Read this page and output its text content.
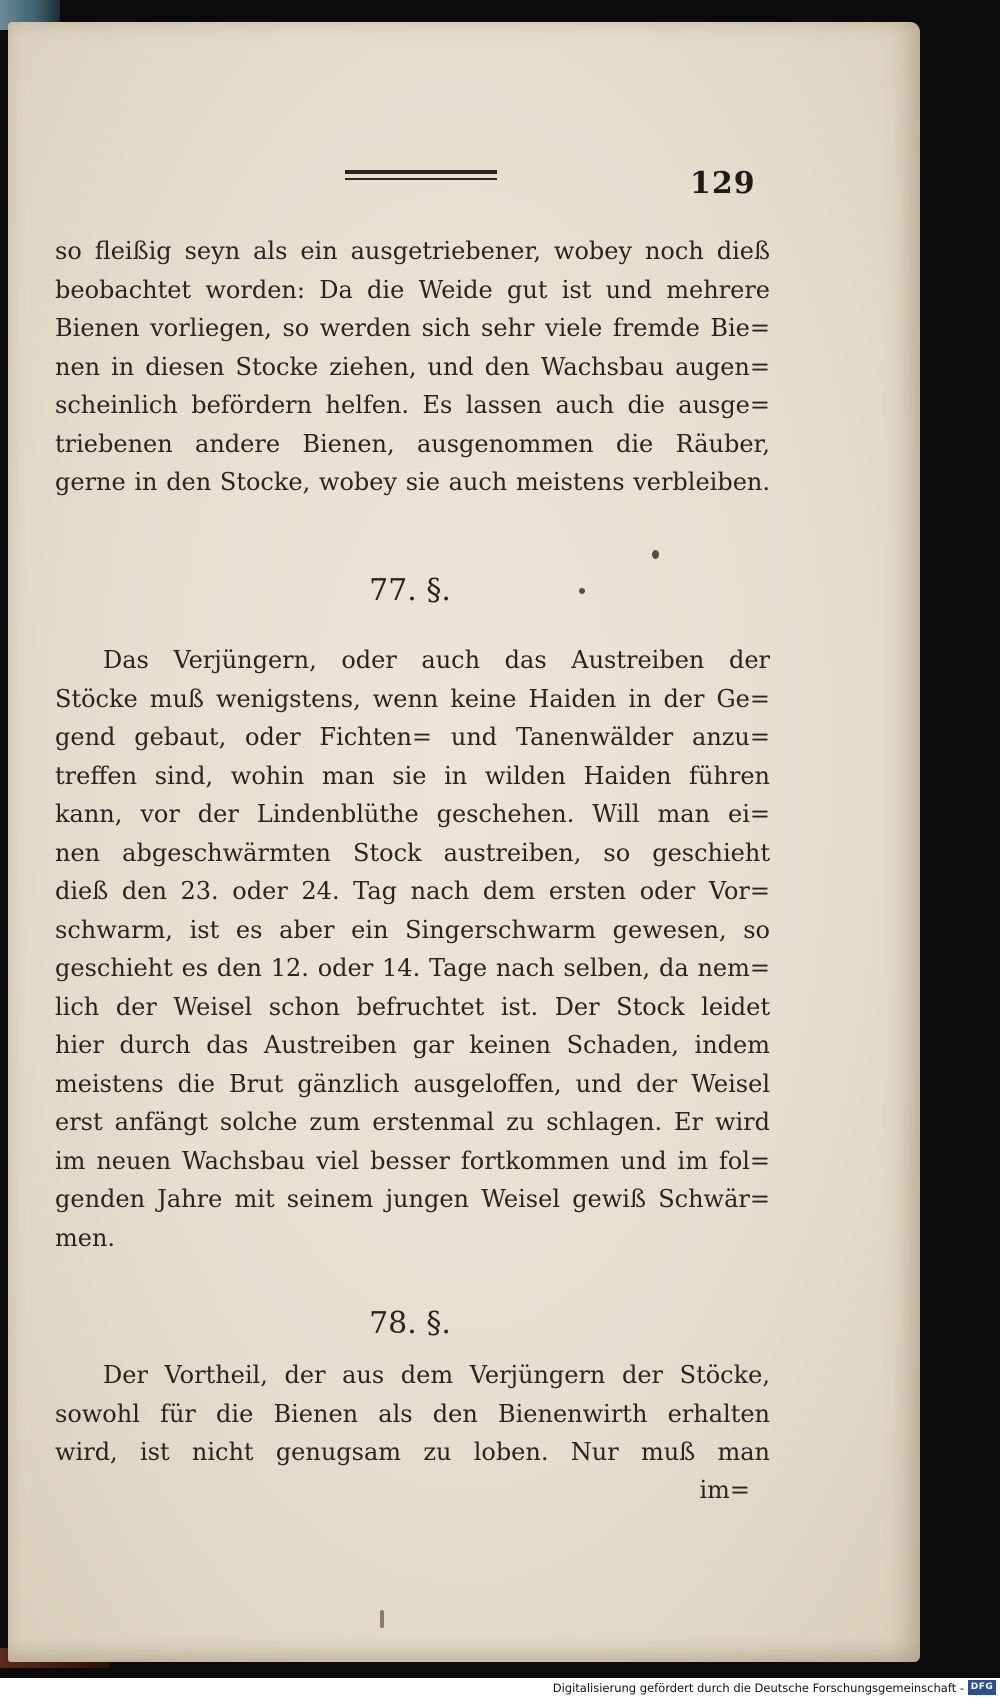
129
so fleißig seyn als ein ausgetriebener, wobey noch dieß
beobachtet worden: Da die Weide gut ist und mehrere
Bienen vorliegen, so werden sich sehr viele fremde Bie=
nen in diesen Stocke ziehen, und den Wachsbau augen=
scheinlich befördern helfen. Es lassen auch die ausge=
triebenen andere Bienen, ausgenommen die Räuber,
gerne in den Stocke, wobey sie auch meistens verbleiben.
77. §.
Das Verjüngern, oder auch das Austreiben der
Stöcke muß wenigstens, wenn keine Haiden in der Ge=
gend gebaut, oder Fichten= und Tanenwälder anzu=
treffen sind, wohin man sie in wilden Haiden führen
kann, vor der Lindenblüthe geschehen. Will man ei=
nen abgeschwärmten Stock austreiben, so geschieht
dieß den 23. oder 24. Tag nach dem ersten oder Vor=
schwarm, ist es aber ein Singerschwarm gewesen, so
geschieht es den 12. oder 14. Tage nach selben, da nem=
lich der Weisel schon befruchtet ist. Der Stock leidet
hier durch das Austreiben gar keinen Schaden, indem
meistens die Brut gänzlich ausgeloffen, und der Weisel
erst anfängt solche zum erstenmal zu schlagen. Er wird
im neuen Wachsbau viel besser fortkommen und im fol=
genden Jahre mit seinem jungen Weisel gewiß Schwär=
men.
78. §.
Der Vortheil, der aus dem Verjüngern der Stöcke,
sowohl für die Bienen als den Bienenwirth erhalten
wird, ist nicht genugsam zu loben. Nur muß man
im=
Digitalisierung gefördert durch die Deutsche Forschungsgemeinschaft - DFG
